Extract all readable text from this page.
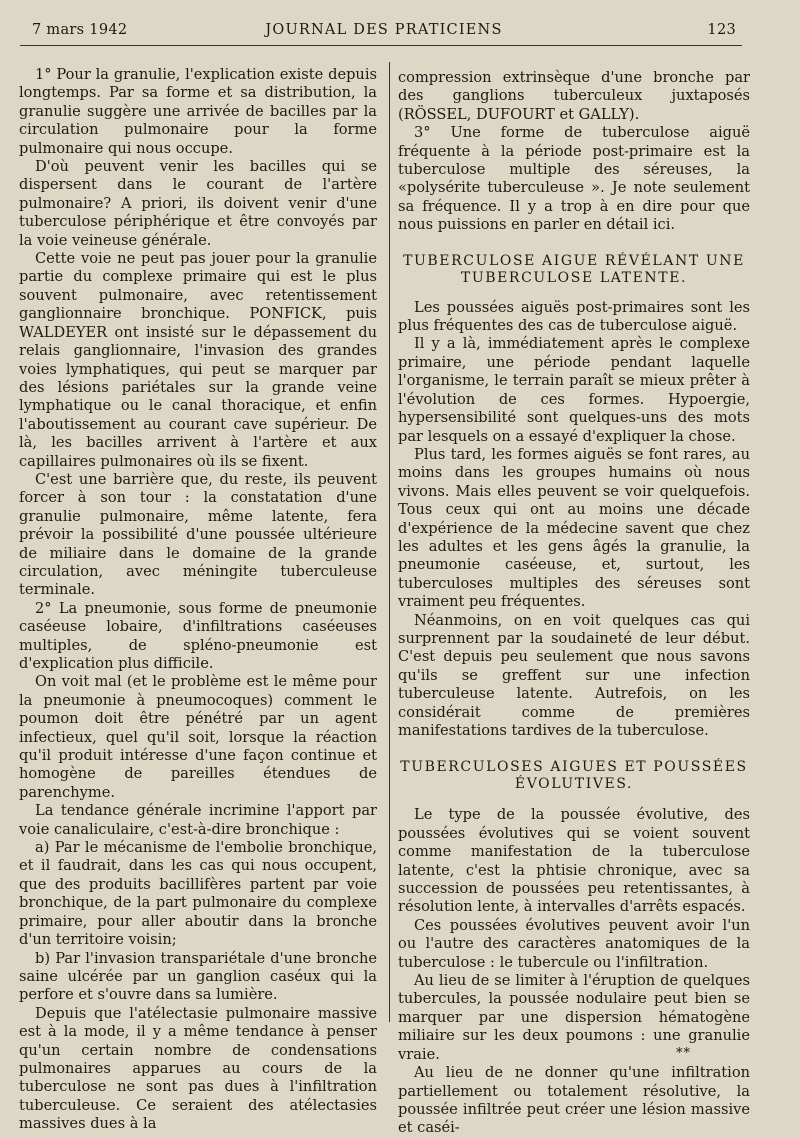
7 mars 1942	JOURNAL DES PRATICIENS	123

1° Pour la granulie, l'explication existe depuis longtemps. Par sa forme et sa distribution, la granulie suggère une arrivée de bacilles par la circulation pulmonaire pour la forme pulmonaire qui nous occupe.

D'où peuvent venir les bacilles qui se dispersent dans le courant de l'artère pulmonaire? A priori, ils doivent venir d'une tuberculose périphérique et être convoyés par la voie veineuse générale.

Cette voie ne peut pas jouer pour la granulie partie du complexe primaire qui est le plus souvent pulmonaire, avec retentissement ganglionnaire bronchique. PONFICK, puis WALDEYER ont insisté sur le dépassement du relais ganglionnaire, l'invasion des grandes voies lymphatiques, qui peut se marquer par des lésions pariétales sur la grande veine lymphatique ou le canal thoracique, et enfin l'aboutissement au courant cave supérieur. De là, les bacilles arrivent à l'artère et aux capillaires pulmonaires où ils se fixent.

C'est une barrière que, du reste, ils peuvent forcer à son tour : la constatation d'une granulie pulmonaire, même latente, fera prévoir la possibilité d'une poussée ultérieure de miliaire dans le domaine de la grande circulation, avec méningite tuberculeuse terminale.

2° La pneumonie, sous forme de pneumonie caséeuse lobaire, d'infiltrations caséeuses multiples, de spléno-pneumonie est d'explication plus difficile.

On voit mal (et le problème est le même pour la pneumonie à pneumocoques) comment le poumon doit être pénétré par un agent infectieux, quel qu'il soit, lorsque la réaction qu'il produit intéresse d'une façon continue et homogène de pareilles étendues de parenchyme.

La tendance générale incrimine l'apport par voie canaliculaire, c'est-à-dire bronchique :

a) Par le mécanisme de l'embolie bronchique, et il faudrait, dans les cas qui nous occupent, que des produits bacillifères partent par voie bronchique, de la part pulmonaire du complexe primaire, pour aller aboutir dans la bronche d'un territoire voisin;

b) Par l'invasion transpariétale d'une bronche saine ulcérée par un ganglion caséux qui la perfore et s'ouvre dans sa lumière.

Depuis que l'atélectasie pulmonaire massive est à la mode, il y a même tendance à penser qu'un certain nombre de condensations pulmonaires apparues au cours de la tuberculose ne sont pas dues à l'infiltration tuberculeuse. Ce seraient des atélectasies massives dues à la

compression extrinsèque d'une bronche par des ganglions tuberculeux juxtaposés (RÖSSEL, DUFOURT et GALLY).

3° Une forme de tuberculose aiguë fréquente à la période post-primaire est la tuberculose multiple des séreuses, la «polysérite tuberculeuse ». Je note seulement sa fréquence. Il y a trop à en dire pour que nous puissions en parler en détail ici.

TUBERCULOSE AIGUE RÉVÉLANT UNE TUBERCULOSE LATENTE.

Les poussées aiguës post-primaires sont les plus fréquentes des cas de tuberculose aiguë.

Il y a là, immédiatement après le complexe primaire, une période pendant laquelle l'organisme, le terrain paraît se mieux prêter à l'évolution de ces formes. Hypoergie, hypersensibilité sont quelques-uns des mots par lesquels on a essayé d'expliquer la chose.

Plus tard, les formes aiguës se font rares, au moins dans les groupes humains où nous vivons. Mais elles peuvent se voir quelquefois. Tous ceux qui ont au moins une décade d'expérience de la médecine savent que chez les adultes et les gens âgés la granulie, la pneumonie caséeuse, et, surtout, les tuberculoses multiples des séreuses sont vraiment peu fréquentes.

Néanmoins, on en voit quelques cas qui surprennent par la soudaineté de leur début. C'est depuis peu seulement que nous savons qu'ils se greffent sur une infection tuberculeuse latente. Autrefois, on les considérait comme de premières manifestations tardives de la tuberculose.

TUBERCULOSES AIGUES ET POUSSÉES ÉVOLUTIVES.

Le type de la poussée évolutive, des poussées évolutives qui se voient souvent comme manifestation de la tuberculose latente, c'est la phtisie chronique, avec sa succession de poussées peu retentissantes, à résolution lente, à intervalles d'arrêts espacés.

Ces poussées évolutives peuvent avoir l'un ou l'autre des caractères anatomiques de la tuberculose : le tubercule ou l'infiltration.

Au lieu de se limiter à l'éruption de quelques tubercules, la poussée nodulaire peut bien se marquer par une dispersion hématogène miliaire sur les deux poumons : une granulie vraie.

Au lieu de ne donner qu'une infiltration partiellement ou totalement résolutive, la poussée infiltrée peut créer une lésion massive et caséi-

**
